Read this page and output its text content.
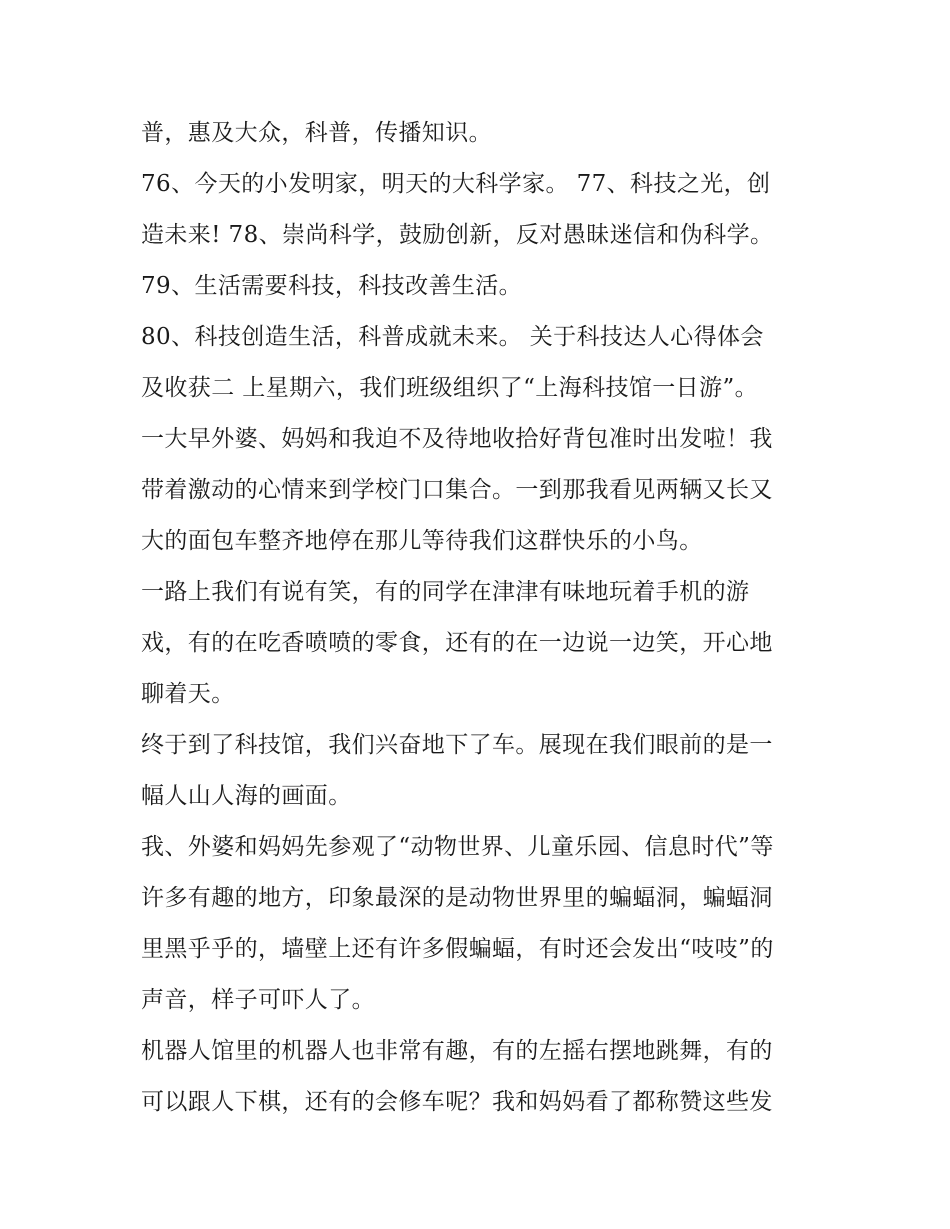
普，惠及大众，科普，传播知识。
76、今天的小发明家，明天的大科学家。 77、科技之光，创
造未来! 78、崇尚科学，鼓励创新，反对愚昧迷信和伪科学。
79、生活需要科技，科技改善生活。
80、科技创造生活，科普成就未来。 关于科技达人心得体会
及收获二 上星期六，我们班级组织了“上海科技馆一日游”。
一大早外婆、妈妈和我迫不及待地收拾好背包准时出发啦！我
带着激动的心情来到学校门口集合。一到那我看见两辆又长又
大的面包车整齐地停在那儿等待我们这群快乐的小鸟。
一路上我们有说有笑，有的同学在津津有味地玩着手机的游
戏，有的在吃香喷喷的零食，还有的在一边说一边笑，开心地
聊着天。
终于到了科技馆，我们兴奋地下了车。展现在我们眼前的是一
幅人山人海的画面。
我、外婆和妈妈先参观了“动物世界、儿童乐园、信息时代”等
许多有趣的地方，印象最深的是动物世界里的蝙蝠洞，蝙蝠洞
里黑乎乎的，墙壁上还有许多假蝙蝠，有时还会发出“吱吱”的
声音，样子可吓人了。
机器人馆里的机器人也非常有趣，有的左摇右摆地跳舞，有的
可以跟人下棋，还有的会修车呢？我和妈妈看了都称赞这些发
